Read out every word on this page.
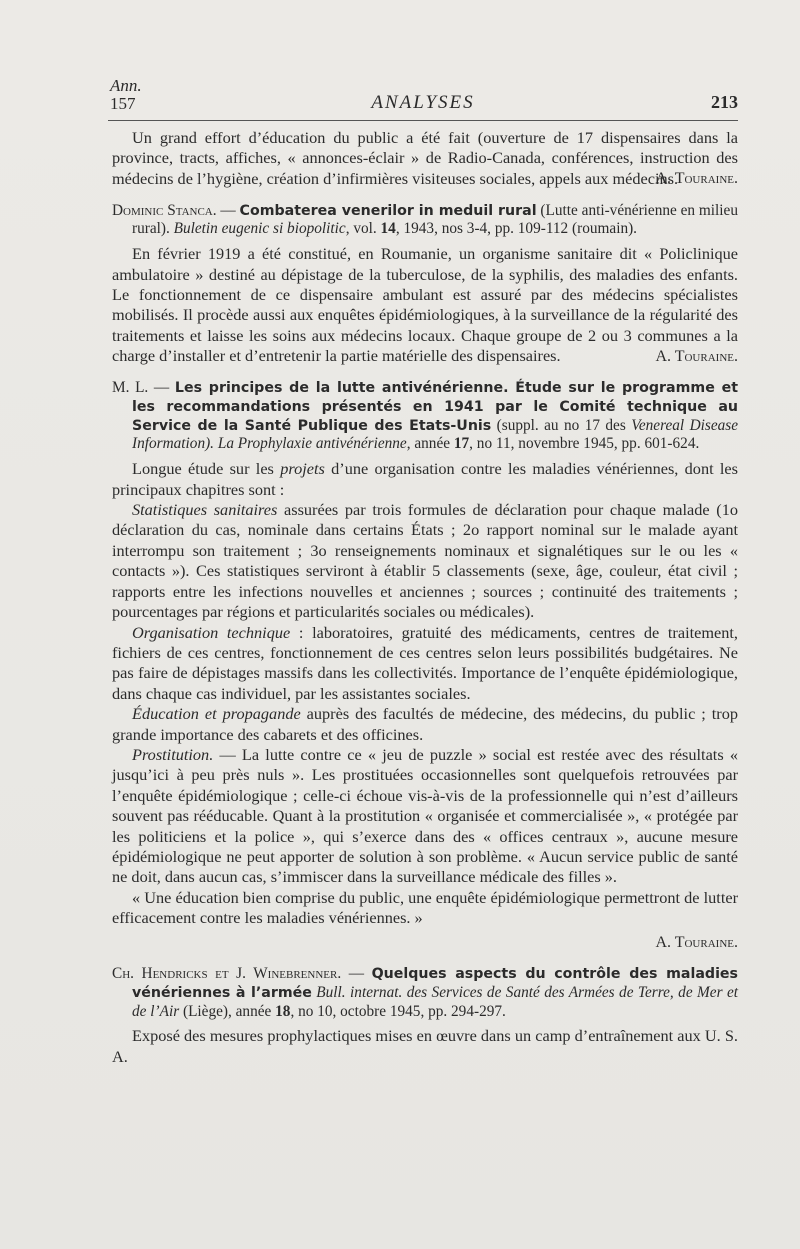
Ann.
157	ANALYSES	213

Un grand effort d’éducation du public a été fait (ouverture de 17 dispensaires dans la province, tracts, affiches, « annonces-éclair » de Radio-Canada, conférences, instruction des médecins de l’hygiène, création d’infirmières visiteuses sociales, appels aux médecins.

A. Touraine.

Dominic Stanca. — Combaterea venerilor in meduil rural (Lutte anti-vénérienne en milieu rural). Buletin eugenic si biopolitic, vol. 14, 1943, nos 3-4, pp. 109-112 (roumain).

En février 1919 a été constitué, en Roumanie, un organisme sanitaire dit « Policlinique ambulatoire » destiné au dépistage de la tuberculose, de la syphilis, des maladies des enfants. Le fonctionnement de ce dispensaire ambulant est assuré par des médecins spécialistes mobilisés. Il procède aussi aux enquêtes épidémiologiques, à la surveillance de la régularité des traitements et laisse les soins aux médecins locaux. Chaque groupe de 2 ou 3 communes a la charge d’installer et d’entretenir la partie matérielle des dispensaires.	A. Touraine.

M. L. — Les principes de la lutte antivénérienne. Étude sur le programme et les recommandations présentés en 1941 par le Comité technique au Service de la Santé Publique des Etats-Unis (suppl. au no 17 des Venereal Disease Information). La Prophylaxie antivénérienne, année 17, no 11, novembre 1945, pp. 601-624.

Longue étude sur les projets d’une organisation contre les maladies vénériennes, dont les principaux chapitres sont :

Statistiques sanitaires assurées par trois formules de déclaration pour chaque malade (1o déclaration du cas, nominale dans certains États ; 2o rapport nominal sur le malade ayant interrompu son traitement ; 3o renseignements nominaux et signalétiques sur le ou les « contacts »). Ces statistiques serviront à établir 5 classements (sexe, âge, couleur, état civil ; rapports entre les infections nouvelles et anciennes ; sources ; continuité des traitements ; pourcentages par régions et particularités sociales ou médicales).

Organisation technique : laboratoires, gratuité des médicaments, centres de traitement, fichiers de ces centres, fonctionnement de ces centres selon leurs possibilités budgétaires. Ne pas faire de dépistages massifs dans les collectivités. Importance de l’enquête épidémiologique, dans chaque cas individuel, par les assistantes sociales.

Éducation et propagande auprès des facultés de médecine, des médecins, du public ; trop grande importance des cabarets et des officines.

Prostitution. — La lutte contre ce « jeu de puzzle » social est restée avec des résultats « jusqu’ici à peu près nuls ». Les prostituées occasionnelles sont quelquefois retrouvées par l’enquête épidémiologique ; celle-ci échoue vis-à-vis de la professionnelle qui n’est d’ailleurs souvent pas rééducable. Quant à la prostitution « organisée et commercialisée », « protégée par les politiciens et la police », qui s’exerce dans des « offices centraux », aucune mesure épidémiologique ne peut apporter de solution à son problème. « Aucun service public de santé ne doit, dans aucun cas, s’immiscer dans la surveillance médicale des filles ».

« Une éducation bien comprise du public, une enquête épidémiologique permettront de lutter efficacement contre les maladies vénériennes. »

A. Touraine.

Ch. Hendricks et J. Winebrenner. — Quelques aspects du contrôle des maladies vénériennes à l’armée Bull. internat. des Services de Santé des Armées de Terre, de Mer et de l’Air (Liège), année 18, no 10, octobre 1945, pp. 294-297.

Exposé des mesures prophylactiques mises en œuvre dans un camp d’entraînement aux U. S. A.
